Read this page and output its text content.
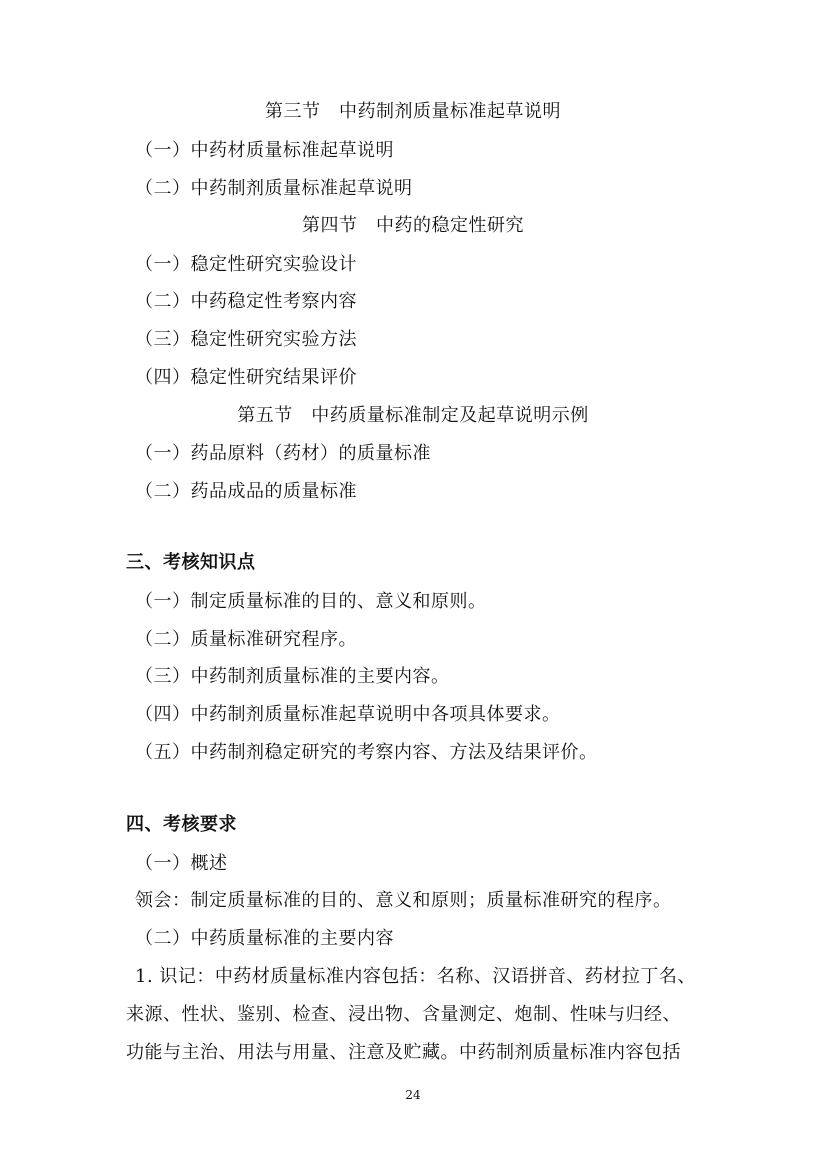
第三节　中药制剂质量标准起草说明
（一）中药材质量标准起草说明
（二）中药制剂质量标准起草说明
第四节　中药的稳定性研究
（一）稳定性研究实验设计
（二）中药稳定性考察内容
（三）稳定性研究实验方法
（四）稳定性研究结果评价
第五节　中药质量标准制定及起草说明示例
（一）药品原料（药材）的质量标准
（二）药品成品的质量标准
三、考核知识点
（一）制定质量标准的目的、意义和原则。
（二）质量标准研究程序。
（三）中药制剂质量标准的主要内容。
（四）中药制剂质量标准起草说明中各项具体要求。
（五）中药制剂稳定研究的考察内容、方法及结果评价。
四、考核要求
（一）概述
领会：制定质量标准的目的、意义和原则；质量标准研究的程序。
（二）中药质量标准的主要内容
1. 识记：中药材质量标准内容包括：名称、汉语拼音、药材拉丁名、
来源、性状、鉴别、检查、浸出物、含量测定、炮制、性味与归经、
功能与主治、用法与用量、注意及贮藏。中药制剂质量标准内容包括
24
